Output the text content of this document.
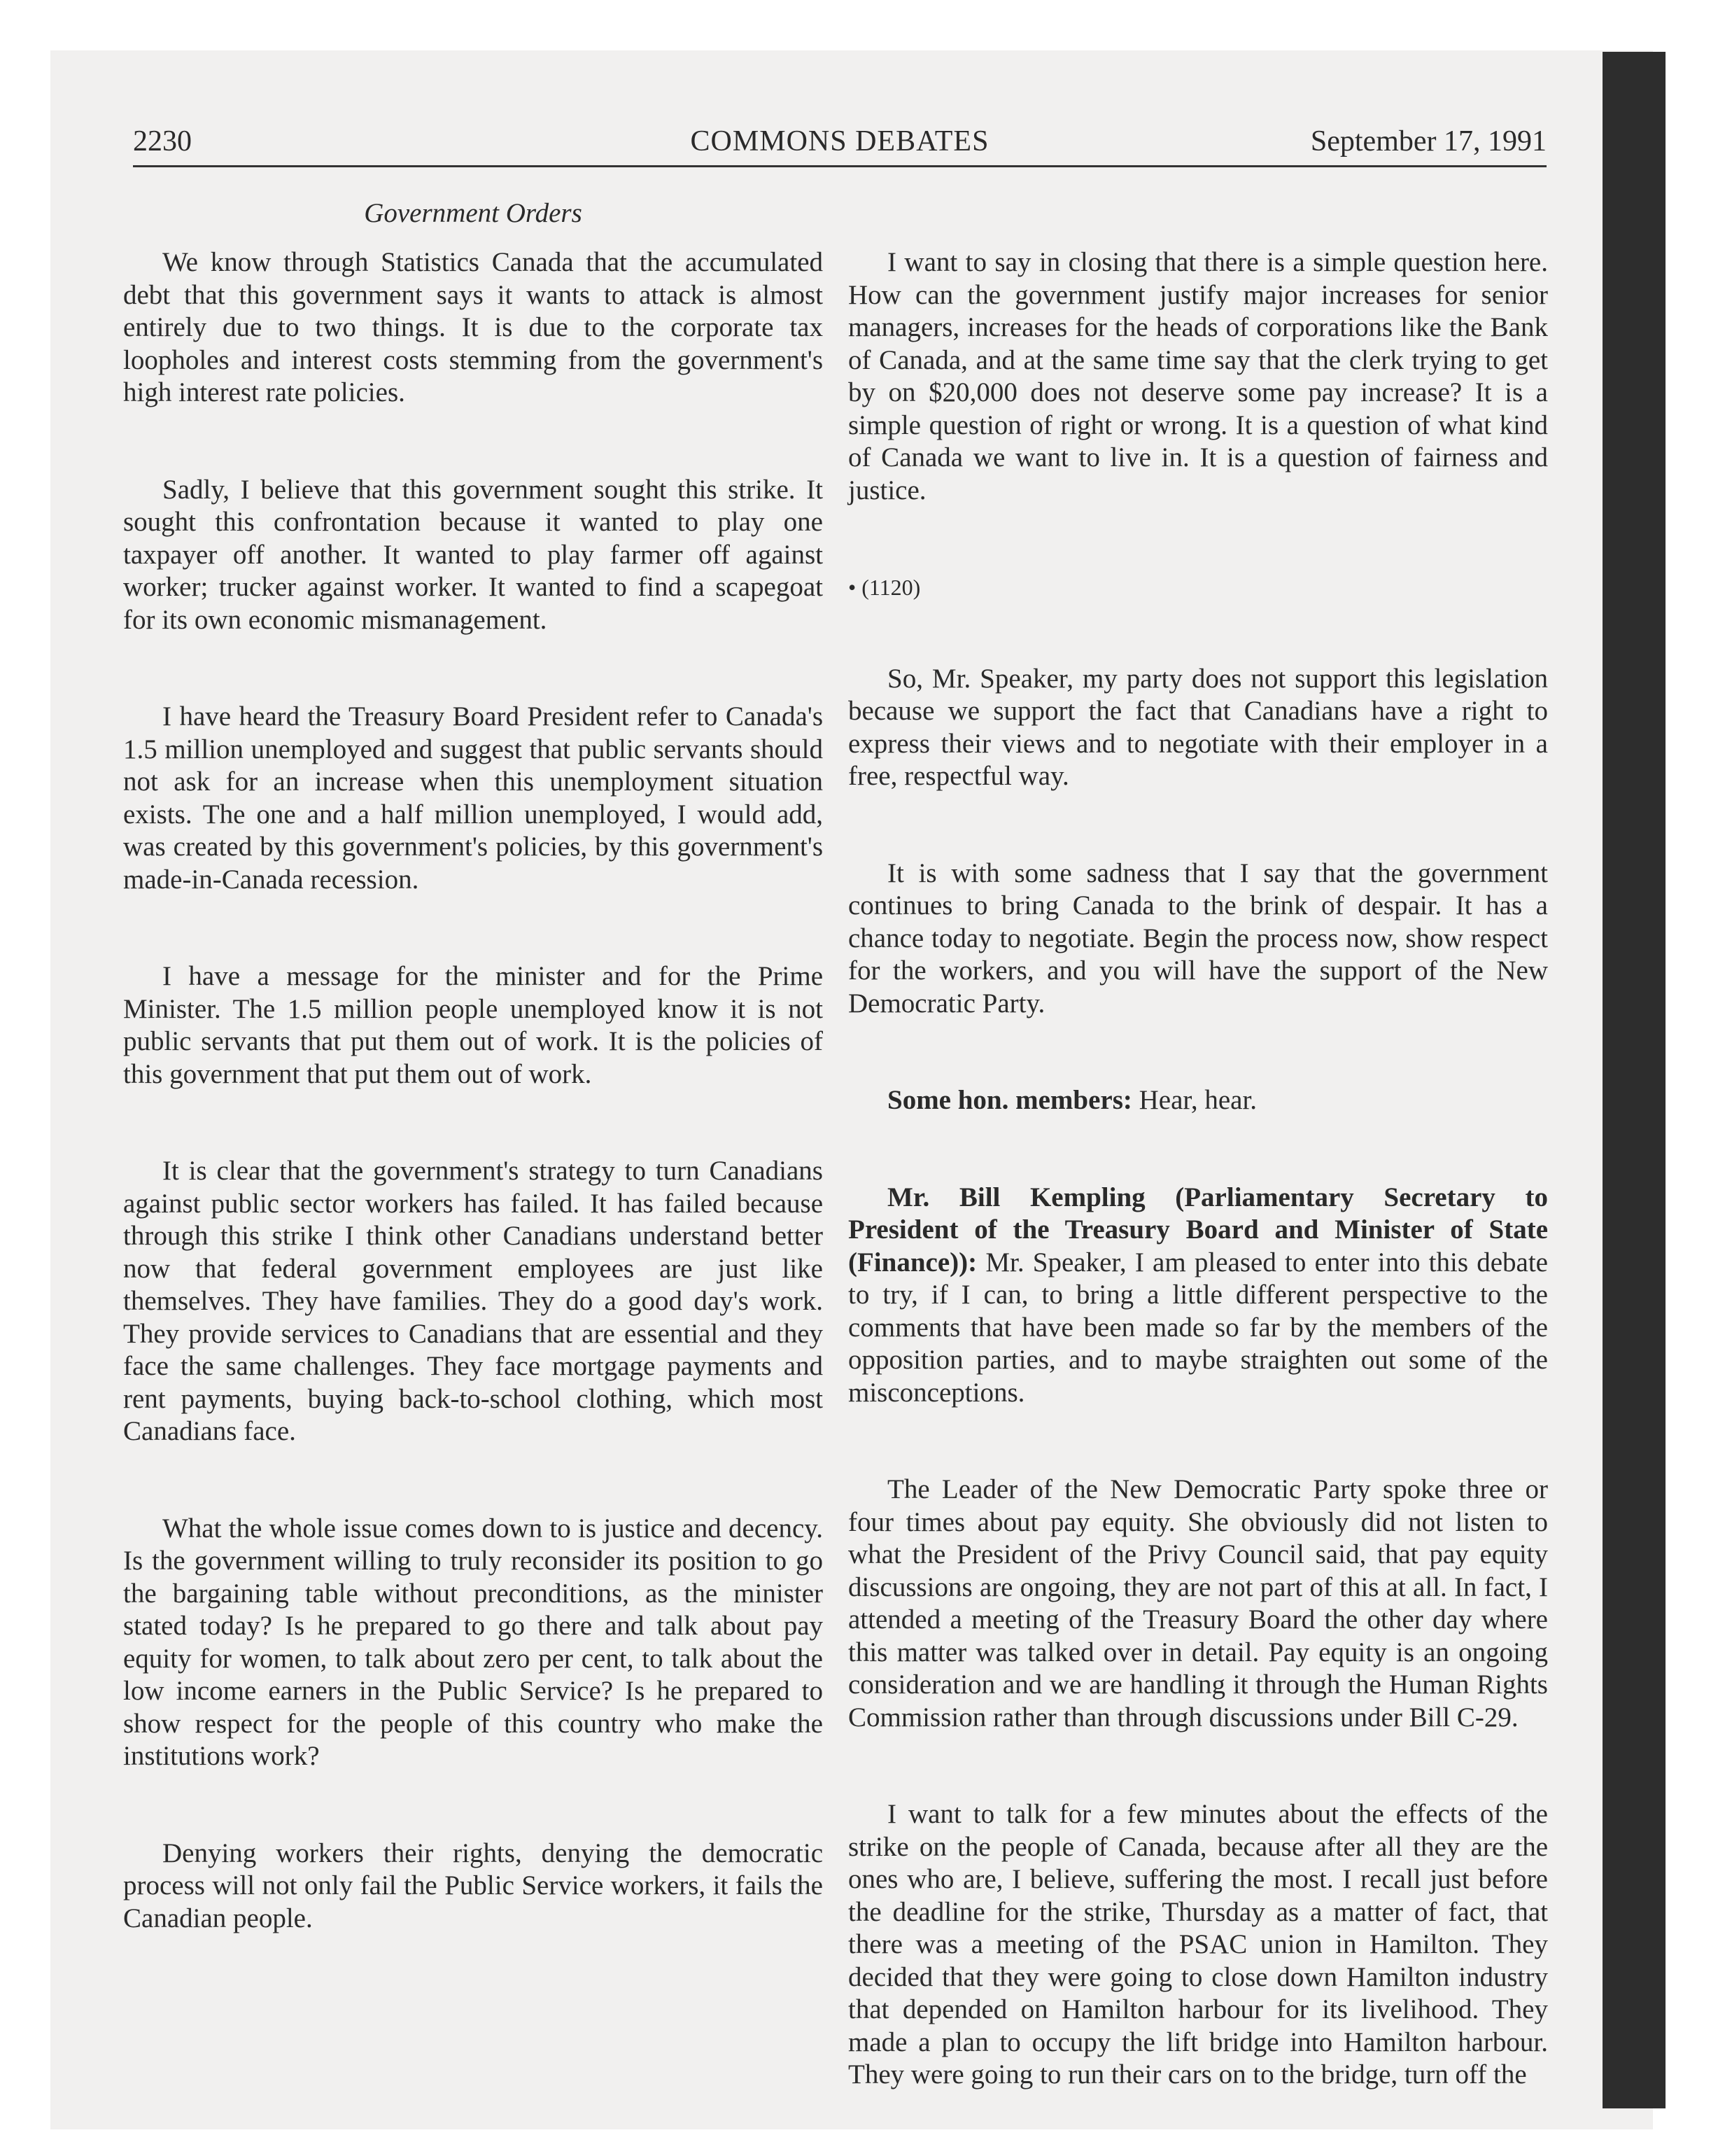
2230	COMMONS DEBATES	September 17, 1991
Government Orders

We know through Statistics Canada that the accumulated debt that this government says it wants to attack is almost entirely due to two things. It is due to the corporate tax loopholes and interest costs stemming from the government's high interest rate policies.

Sadly, I believe that this government sought this strike. It sought this confrontation because it wanted to play one taxpayer off another. It wanted to play farmer off against worker; trucker against worker. It wanted to find a scapegoat for its own economic mismanagement.

I have heard the Treasury Board President refer to Canada's 1.5 million unemployed and suggest that public servants should not ask for an increase when this unemployment situation exists. The one and a half million unemployed, I would add, was created by this government's policies, by this government's made-in-Canada recession.

I have a message for the minister and for the Prime Minister. The 1.5 million people unemployed know it is not public servants that put them out of work. It is the policies of this government that put them out of work.

It is clear that the government's strategy to turn Canadians against public sector workers has failed. It has failed because through this strike I think other Canadians understand better now that federal government employees are just like themselves. They have families. They do a good day's work. They provide services to Canadians that are essential and they face the same challenges. They face mortgage payments and rent payments, buying back-to-school clothing, which most Canadians face.

What the whole issue comes down to is justice and decency. Is the government willing to truly reconsider its position to go the bargaining table without preconditions, as the minister stated today? Is he prepared to go there and talk about pay equity for women, to talk about zero per cent, to talk about the low income earners in the Public Service? Is he prepared to show respect for the people of this country who make the institutions work?

Denying workers their rights, denying the democratic process will not only fail the Public Service workers, it fails the Canadian people.

I want to say in closing that there is a simple question here. How can the government justify major increases for senior managers, increases for the heads of corporations like the Bank of Canada, and at the same time say that the clerk trying to get by on $20,000 does not deserve some pay increase? It is a simple question of right or wrong. It is a question of what kind of Canada we want to live in. It is a question of fairness and justice.

• (1120)

So, Mr. Speaker, my party does not support this legislation because we support the fact that Canadians have a right to express their views and to negotiate with their employer in a free, respectful way.

It is with some sadness that I say that the government continues to bring Canada to the brink of despair. It has a chance today to negotiate. Begin the process now, show respect for the workers, and you will have the support of the New Democratic Party.

Some hon. members: Hear, hear.

Mr. Bill Kempling (Parliamentary Secretary to President of the Treasury Board and Minister of State (Finance)): Mr. Speaker, I am pleased to enter into this debate to try, if I can, to bring a little different perspective to the comments that have been made so far by the members of the opposition parties, and to maybe straighten out some of the misconceptions.

The Leader of the New Democratic Party spoke three or four times about pay equity. She obviously did not listen to what the President of the Privy Council said, that pay equity discussions are ongoing, they are not part of this at all. In fact, I attended a meeting of the Treasury Board the other day where this matter was talked over in detail. Pay equity is an ongoing consideration and we are handling it through the Human Rights Commission rather than through discussions under Bill C-29.

I want to talk for a few minutes about the effects of the strike on the people of Canada, because after all they are the ones who are, I believe, suffering the most. I recall just before the deadline for the strike, Thursday as a matter of fact, that there was a meeting of the PSAC union in Hamilton. They decided that they were going to close down Hamilton industry that depended on Hamilton harbour for its livelihood. They made a plan to occupy the lift bridge into Hamilton harbour. They were going to run their cars on to the bridge, turn off the
